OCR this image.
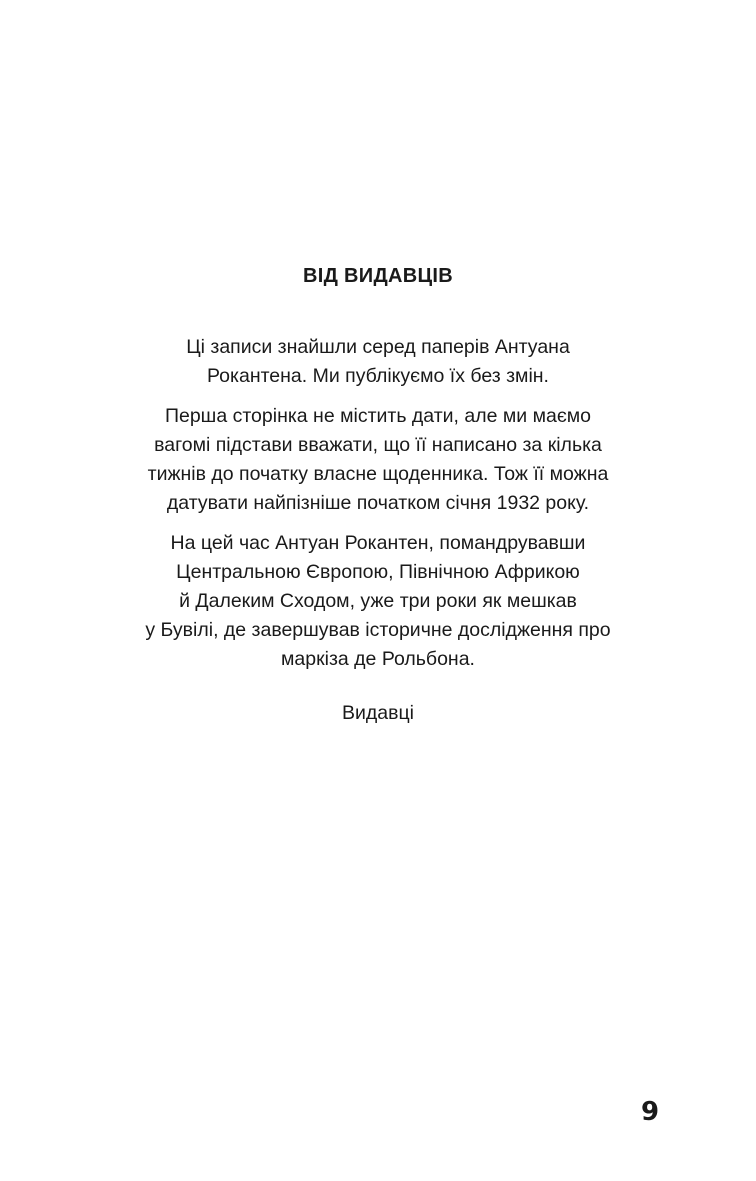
ВІД ВИДАВЦІВ

Ці записи знайшли серед паперів Антуана
Рокантена. Ми публікуємо їх без змін.

Перша сторінка не містить дати, але ми маємо
вагомі підстави вважати, що її написано за кілька
тижнів до початку власне щоденника. Тож її можна
датувати найпізніше початком січня 1932 року.

На цей час Антуан Рокантен, помандрувавши
Центральною Європою, Північною Африкою
й Далеким Сходом, уже три роки як мешкав
у Бувілі, де завершував історичне дослідження про
маркіза де Рольбона.

Видавці

9
